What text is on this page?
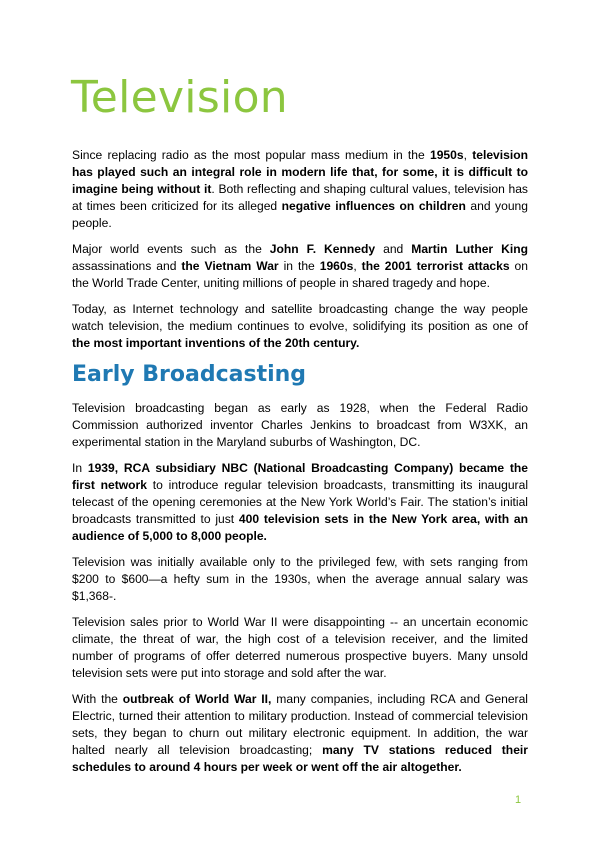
Television

Since replacing radio as the most popular mass medium in the 1950s, television has played such an integral role in modern life that, for some, it is difficult to imagine being without it. Both reflecting and shaping cultural values, television has at times been criticized for its alleged negative influences on children and young people.

Major world events such as the John F. Kennedy and Martin Luther King assassinations and the Vietnam War in the 1960s, the 2001 terrorist attacks on the World Trade Center, uniting millions of people in shared tragedy and hope.

Today, as Internet technology and satellite broadcasting change the way people watch television, the medium continues to evolve, solidifying its position as one of the most important inventions of the 20th century.

Early Broadcasting

Television broadcasting began as early as 1928, when the Federal Radio Commission authorized inventor Charles Jenkins to broadcast from W3XK, an experimental station in the Maryland suburbs of Washington, DC.

In 1939, RCA subsidiary NBC (National Broadcasting Company) became the first network to introduce regular television broadcasts, transmitting its inaugural telecast of the opening ceremonies at the New York World’s Fair. The station’s initial broadcasts transmitted to just 400 television sets in the New York area, with an audience of 5,000 to 8,000 people.

Television was initially available only to the privileged few, with sets ranging from $200 to $600—a hefty sum in the 1930s, when the average annual salary was $1,368-.

Television sales prior to World War II were disappointing -- an uncertain economic climate, the threat of war, the high cost of a television receiver, and the limited number of programs of offer deterred numerous prospective buyers. Many unsold television sets were put into storage and sold after the war.

With the outbreak of World War II, many companies, including RCA and General Electric, turned their attention to military production. Instead of commercial television sets, they began to churn out military electronic equipment. In addition, the war halted nearly all television broadcasting; many TV stations reduced their schedules to around 4 hours per week or went off the air altogether.

1
